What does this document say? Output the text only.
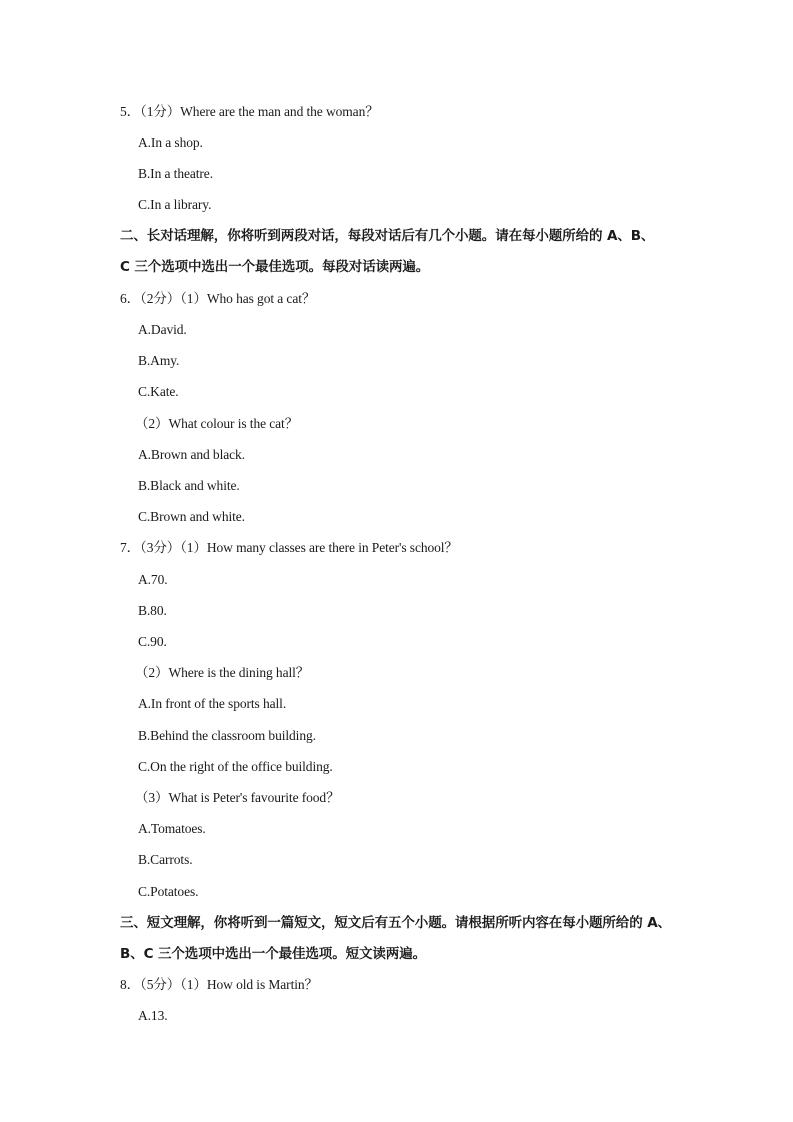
5．（1分）Where are the man and the woman？
A.In a shop.
B.In a theatre.
C.In a library.
二、长对话理解，你将听到两段对话，每段对话后有几个小题。请在每小题所给的 A、B、
C 三个选项中选出一个最佳选项。每段对话读两遍。
6．（2分）（1）Who has got a cat？
A.David.
B.Amy.
C.Kate.
（2）What colour is the cat？
A.Brown and black.
B.Black and white.
C.Brown and white.
7．（3分）（1）How many classes are there in Peter's school？
A.70.
B.80.
C.90.
（2）Where is the dining hall？
A.In front of the sports hall.
B.Behind the classroom building.
C.On the right of the office building.
（3）What is Peter's favourite food？
A.Tomatoes.
B.Carrots.
C.Potatoes.
三、短文理解，你将听到一篇短文，短文后有五个小题。请根据所听内容在每小题所给的 A、
B、C 三个选项中选出一个最佳选项。短文读两遍。
8．（5分）（1）How old is Martin？
A.13.
